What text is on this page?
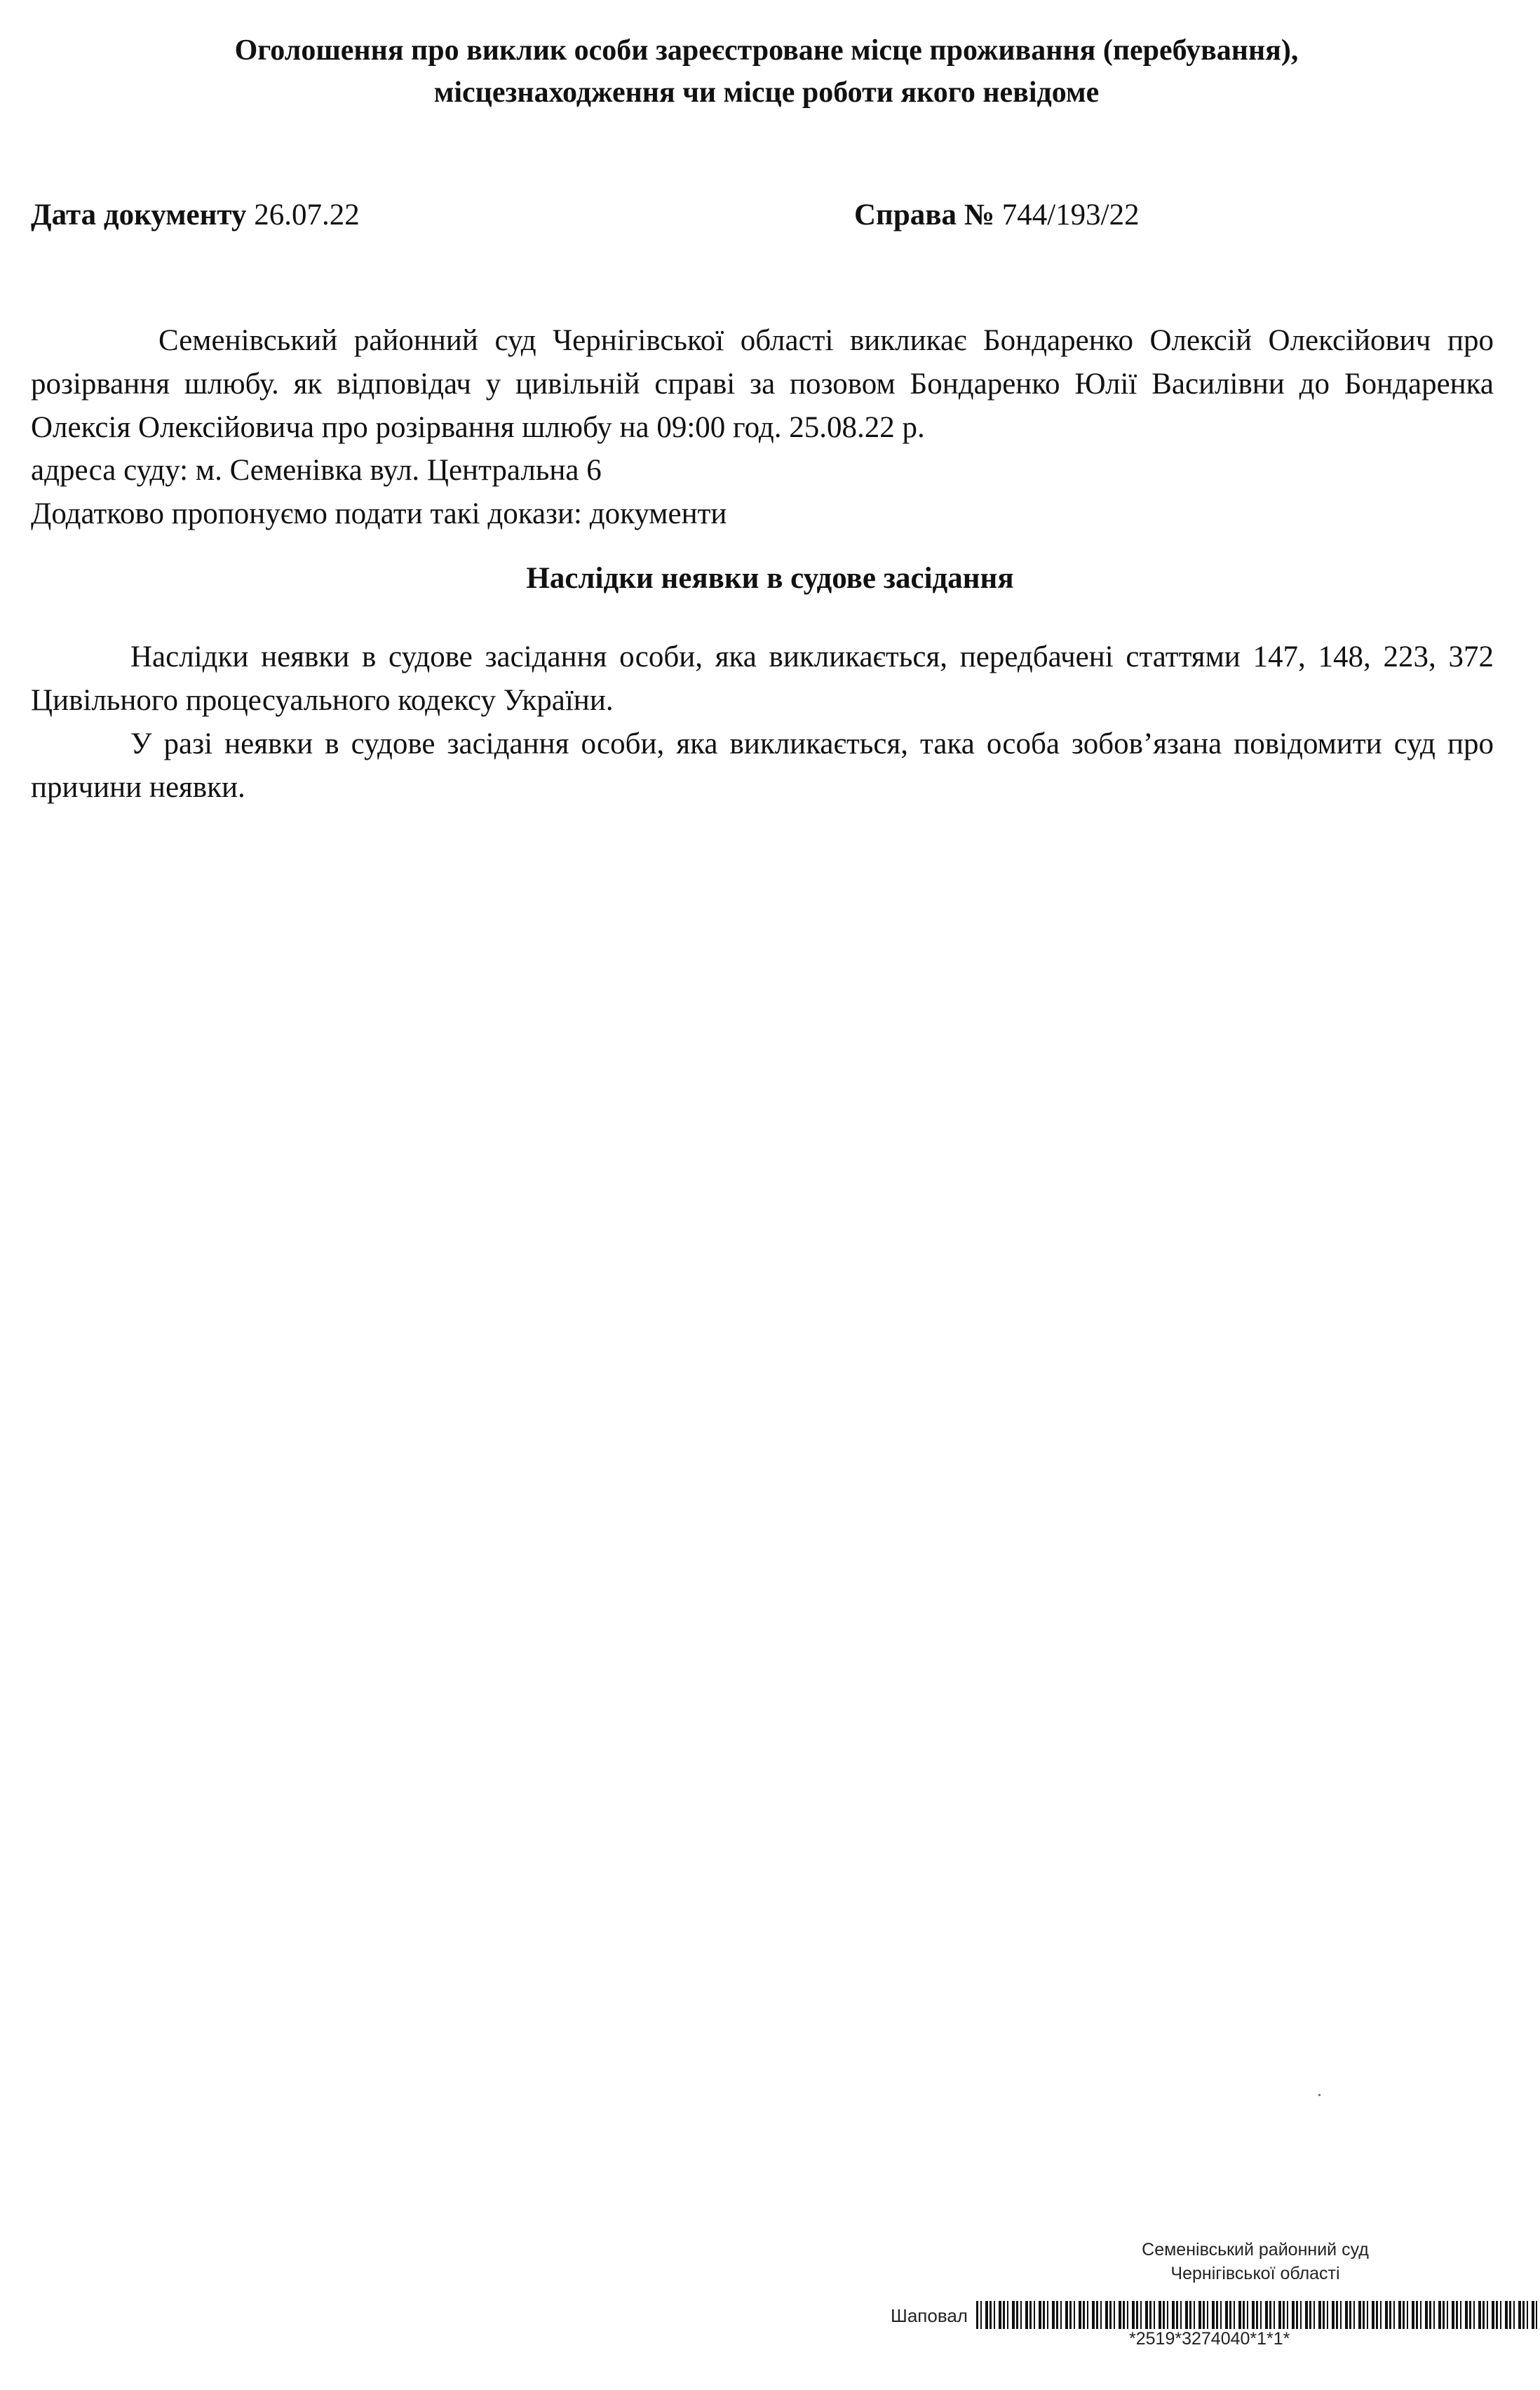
Оголошення про виклик особи зареєстроване місце проживання (перебування),
місцезнаходження чи місце роботи якого невідоме
Дата документу 26.07.22	Справа № 744/193/22
Семенівський районний суд Чернігівської області викликає Бондаренко Олексій Олексійович про розірвання шлюбу. як відповідач у цивільній справі за позовом Бондаренко Юлії Василівни до Бондаренка Олексія Олексійовича про розірвання шлюбу на 09:00 год. 25.08.22 р.
адреса суду: м. Семенівка вул. Центральна 6
Додатково пропонуємо подати такі докази: документи
Наслідки неявки в судове засідання
Наслідки неявки в судове засідання особи, яка викликається, передбачені статтями 147, 148, 223, 372 Цивільного процесуального кодексу України.
У разі неявки в судове засідання особи, яка викликається, така особа зобов’язана повідомити суд про причини неявки.
Семенівський районний суд
Чернігівської області
Шаповал
*2519*3274040*1*1*
